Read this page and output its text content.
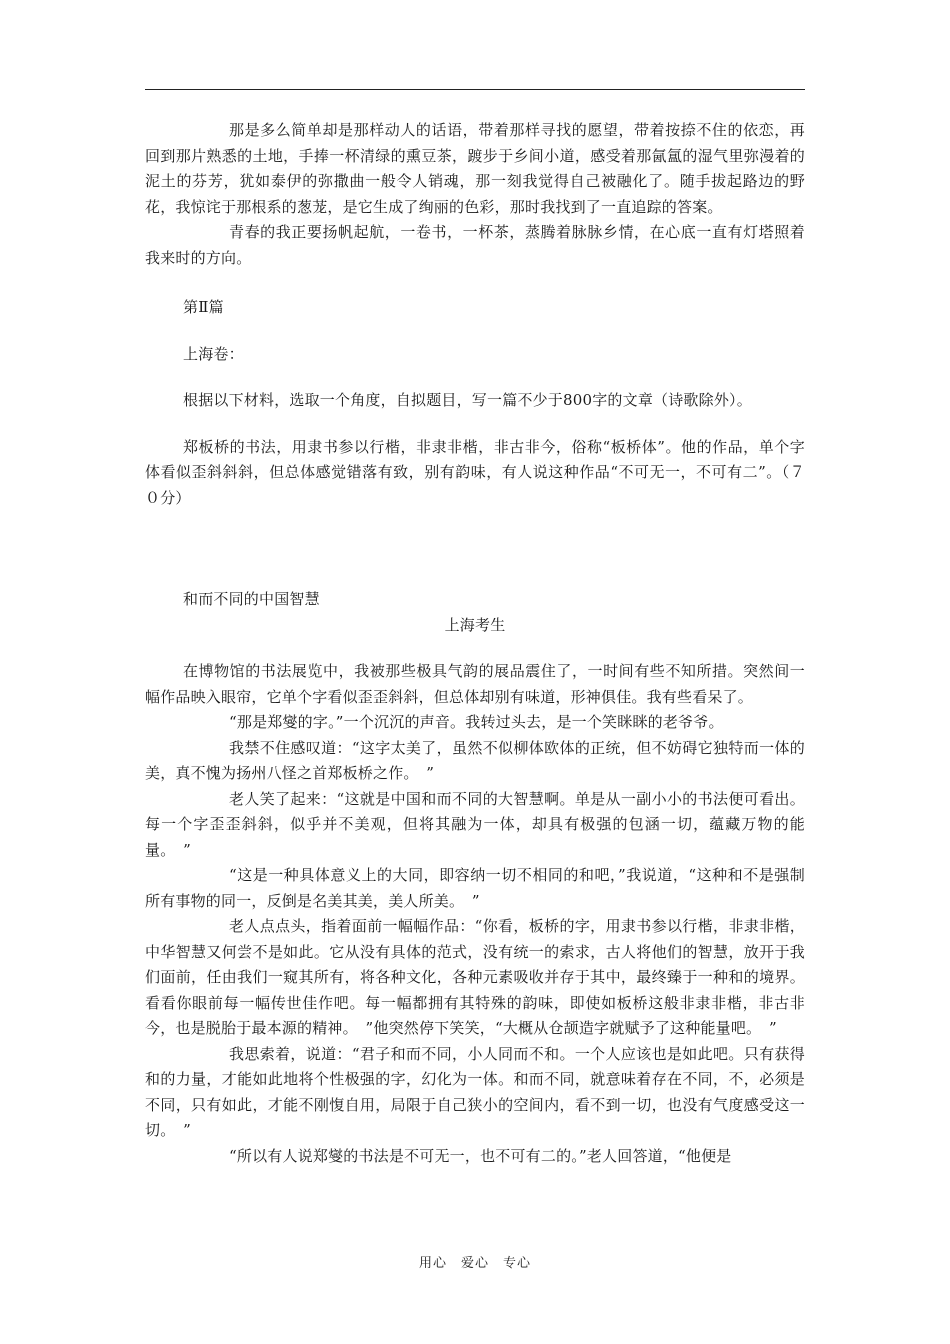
那是多么简单却是那样动人的话语，带着那样寻找的愿望，带着按捺不住的依恋，再回到那片熟悉的土地，手捧一杯清绿的熏豆茶，踱步于乡间小道，感受着那氤氲的湿气里弥漫着的泥土的芬芳，犹如泰伊的弥撒曲一般令人销魂，那一刻我觉得自己被融化了。随手拔起路边的野花，我惊诧于那根系的葱茏，是它生成了绚丽的色彩，那时我找到了一直追踪的答案。

青春的我正要扬帆起航，一卷书，一杯茶，蒸腾着脉脉乡情，在心底一直有灯塔照着我来时的方向。

第Ⅱ篇

上海卷：

根据以下材料，选取一个角度，自拟题目，写一篇不少于800字的文章（诗歌除外）。

郑板桥的书法，用隶书参以行楷，非隶非楷，非古非今，俗称“板桥体”。他的作品，单个字体看似歪斜斜斜，但总体感觉错落有致，别有韵味，有人说这种作品“不可无一，不可有二”。（７０分）

和而不同的中国智慧

上海考生

在博物馆的书法展览中，我被那些极具气韵的展品震住了，一时间有些不知所措。突然间一幅作品映入眼帘，它单个字看似歪歪斜斜，但总体却别有味道，形神俱佳。我有些看呆了。

“那是郑燮的字。”一个沉沉的声音。我转过头去，是一个笑眯眯的老爷爷。

我禁不住感叹道：“这字太美了，虽然不似柳体欧体的正统，但不妨碍它独特而一体的美，真不愧为扬州八怪之首郑板桥之作。　”

老人笑了起来：“这就是中国和而不同的大智慧啊。单是从一副小小的书法便可看出。每一个字歪歪斜斜，似乎并不美观，但将其融为一体，却具有极强的包涵一切，蕴藏万物的能量。　”

“这是一种具体意义上的大同，即容纳一切不相同的和吧，”我说道，“这种和不是强制所有事物的同一，反倒是名美其美，美人所美。　”

老人点点头，指着面前一幅幅作品：“你看，板桥的字，用隶书参以行楷，非隶非楷，中华智慧又何尝不是如此。它从没有具体的范式，没有统一的索求，古人将他们的智慧，放开于我们面前，任由我们一窥其所有，将各种文化，各种元素吸收并存于其中，最终臻于一种和的境界。看看你眼前每一幅传世佳作吧。每一幅都拥有其特殊的韵味，即使如板桥这般非隶非楷，非古非今，也是脱胎于最本源的精神。　”他突然停下笑笑，“大概从仓颉造字就赋予了这种能量吧。　”

我思索着，说道：“君子和而不同，小人同而不和。一个人应该也是如此吧。只有获得和的力量，才能如此地将个性极强的字，幻化为一体。和而不同，就意味着存在不同，不，必须是不同，只有如此，才能不刚愎自用，局限于自己狭小的空间内，看不到一切，也没有气度感受这一切。　”

“所以有人说郑燮的书法是不可无一，也不可有二的。”老人回答道，“他便是

用心　爱心　专心
